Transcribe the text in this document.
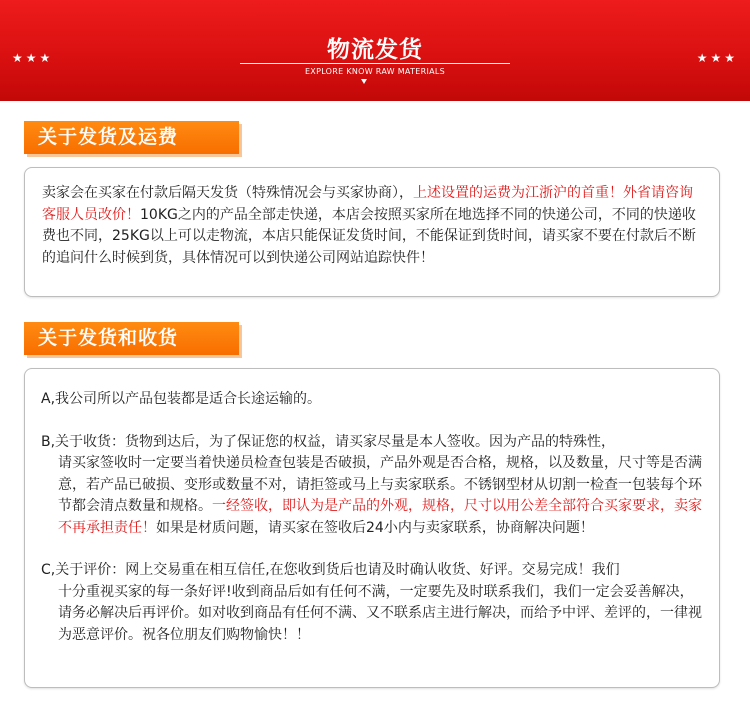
★★★	★★★
物流发货
EXPLORE KNOW RAW MATERIALS
关于发货及运费

卖家会在买家在付款后隔天发货（特殊情况会与买家协商），上述设置的运费为江浙沪的首重！外省请咨询客服人员改价！10KG之内的产品全部走快递，本店会按照买家所在地选择不同的快递公司，不同的快递收费也不同，25KG以上可以走物流，本店只能保证发货时间，不能保证到货时间，请买家不要在付款后不断的追问什么时候到货，具体情况可以到快递公司网站追踪快件！

关于发货和收货

A,我公司所以产品包装都是适合长途运输的。

B,关于收货：货物到达后，为了保证您的权益，请买家尽量是本人签收。因为产品的特殊性，
请买家签收时一定要当着快递员检查包装是否破损，产品外观是否合格，规格，以及数量，尺寸等是否满意，若产品已破损、变形或数量不对，请拒签或马上与卖家联系。不锈钢型材从切割一检查一包装每个环节都会清点数量和规格。一经签收，即认为是产品的外观，规格，尺寸以用公差全部符合买家要求，卖家不再承担责任！如果是材质问题，请买家在签收后24小内与卖家联系，协商解决问题！

C,关于评价：网上交易重在相互信任,在您收到货后也请及时确认收货、好评。交易完成！我们
十分重视买家的每一条好评!收到商品后如有任何不满，一定要先及时联系我们，我们一定会妥善解决，请务必解决后再评价。如对收到商品有任何不满、又不联系店主进行解决，而给予中评、差评的，一律视为恶意评价。祝各位朋友们购物愉快！！
